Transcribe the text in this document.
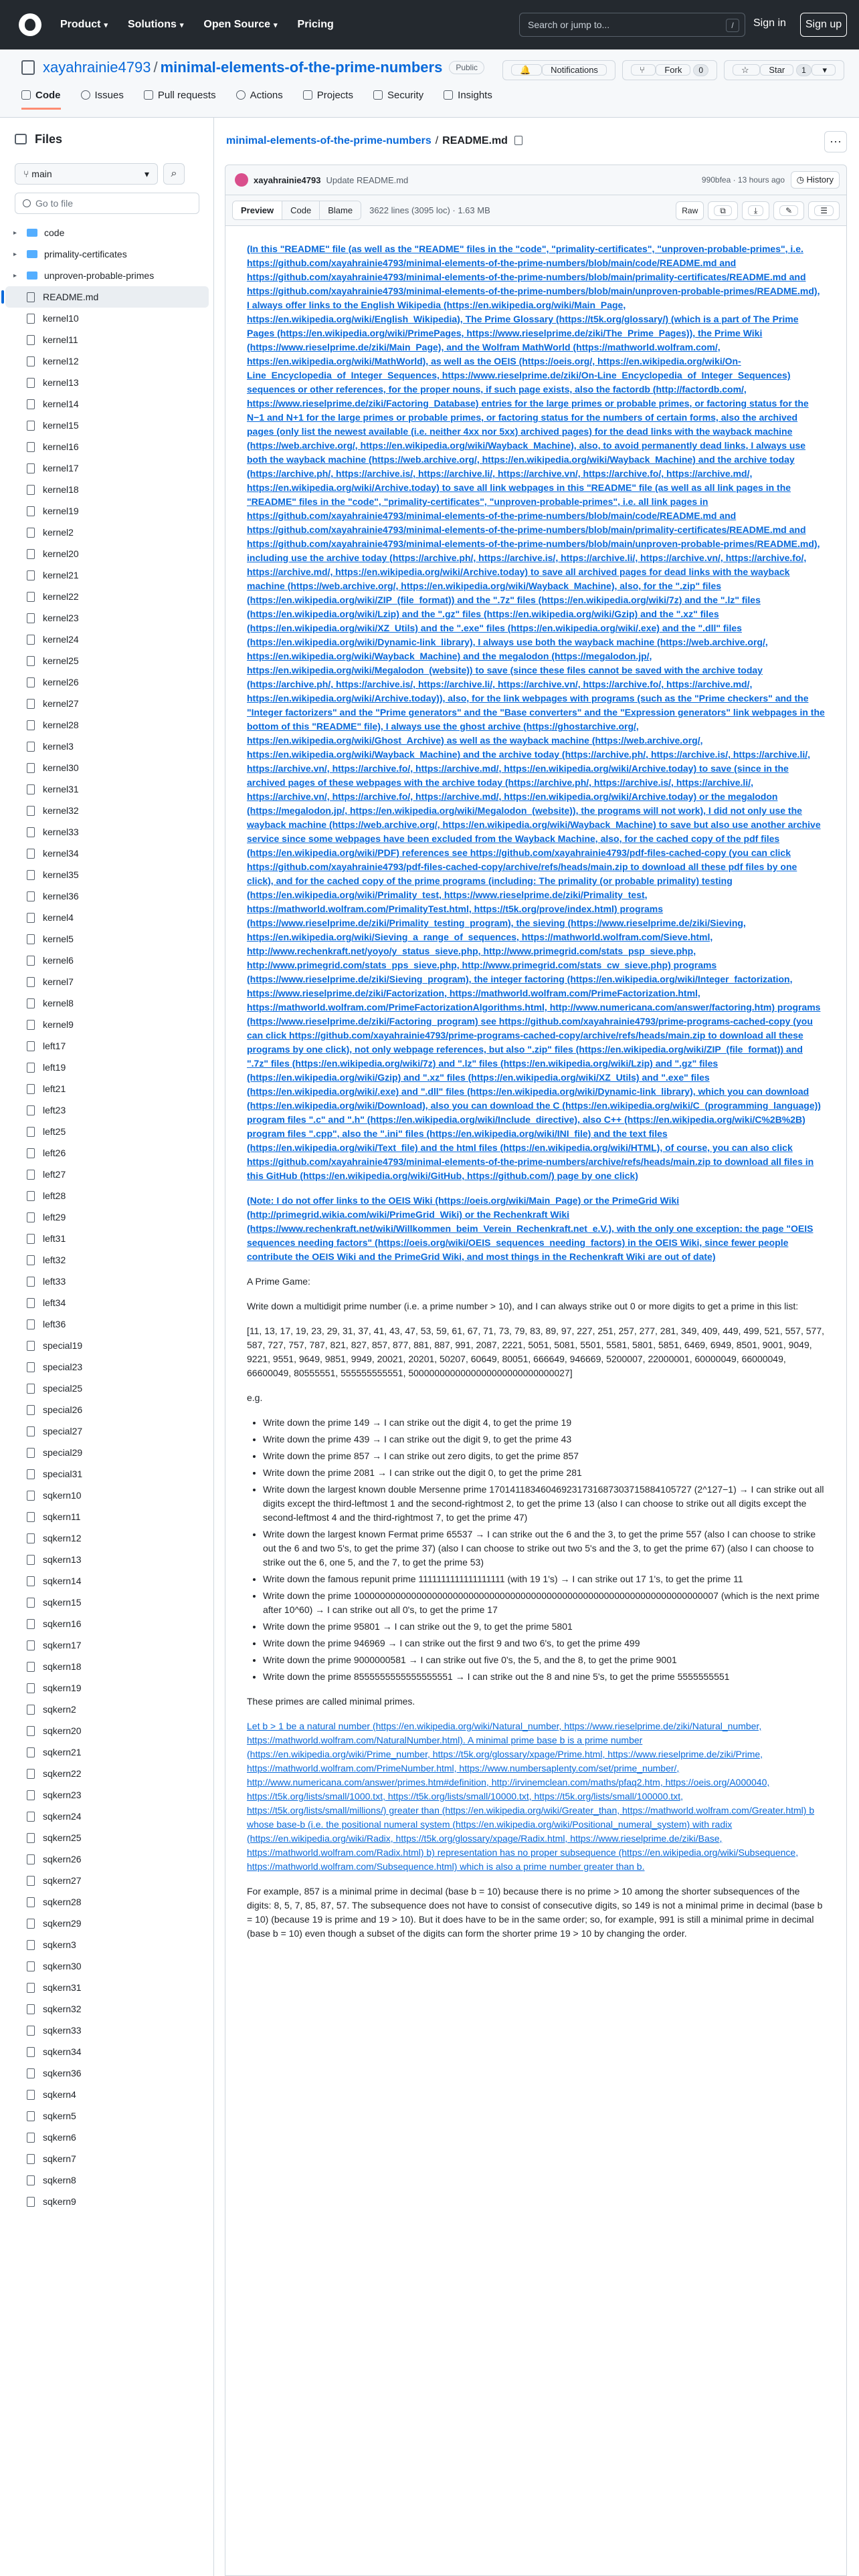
Product ▾ Solutions ▾ Open Source ▾ Pricing	Search or jump to...	/	Sign in	Sign up
xayahrainie4793 / minimal-elements-of-the-prime-numbers	Public	🔔 Notifications	⑂ Fork 0	☆ Star 1 ▾
Code	Issues	Pull requests	Actions	Projects	Security	Insights
Files
⑂ main	▾	⌕
Go to file
▸	code
▸	primality-certificates
▸	unproven-probable-primes
README.md
kernel10
kernel11
kernel12
kernel13
kernel14
kernel15
kernel16
kernel17
kernel18
kernel19
kernel2
kernel20
kernel21
kernel22
kernel23
kernel24
kernel25
kernel26
kernel27
kernel28
kernel3
kernel30
kernel31
kernel32
kernel33
kernel34
kernel35
kernel36
kernel4
kernel5
kernel6
kernel7
kernel8
kernel9
left17
left19
left21
left23
left25
left26
left27
left28
left29
left31
left32
left33
left34
left36
special19
special23
special25
special26
special27
special29
special31
sqkern10
sqkern11
sqkern12
sqkern13
sqkern14
sqkern15
sqkern16
sqkern17
sqkern18
sqkern19
sqkern2
sqkern20
sqkern21
sqkern22
sqkern23
sqkern24
sqkern25
sqkern26
sqkern27
sqkern28
sqkern29
sqkern3
sqkern30
sqkern31
sqkern32
sqkern33
sqkern34
sqkern36
sqkern4
sqkern5
sqkern6
sqkern7
sqkern8
sqkern9
minimal-elements-of-the-prime-numbers / README.md	···
xayahrainie4793 Update README.md	990bfea · 13 hours ago	◷ History
Preview	Code	Blame	3622 lines (3095 loc) · 1.63 MB	Raw	⧉	⤓	✎	☰

(In this "README" file (as well as the "README" files in the "code", "primality-certificates", "unproven-probable-primes", i.e. https://github.com/xayahrainie4793/minimal-elements-of-the-prime-numbers/blob/main/code/README.md and https://github.com/xayahrainie4793/minimal-elements-of-the-prime-numbers/blob/main/primality-certificates/README.md and https://github.com/xayahrainie4793/minimal-elements-of-the-prime-numbers/blob/main/unproven-probable-primes/README.md), I always offer links to the English Wikipedia (https://en.wikipedia.org/wiki/Main_Page, https://en.wikipedia.org/wiki/English_Wikipedia), The Prime Glossary (https://t5k.org/glossary/) (which is a part of The Prime Pages (https://en.wikipedia.org/wiki/PrimePages, https://www.rieselprime.de/ziki/The_Prime_Pages)), the Prime Wiki (https://www.rieselprime.de/ziki/Main_Page), and the Wolfram MathWorld (https://mathworld.wolfram.com/, https://en.wikipedia.org/wiki/MathWorld), as well as the OEIS (https://oeis.org/, https://en.wikipedia.org/wiki/On-Line_Encyclopedia_of_Integer_Sequences, https://www.rieselprime.de/ziki/On-Line_Encyclopedia_of_Integer_Sequences) sequences or other references, for the proper nouns, if such page exists, also the factordb (http://factordb.com/, https://www.rieselprime.de/ziki/Factoring_Database) entries for the large primes or probable primes, or factoring status for the N−1 and N+1 for the large primes or probable primes, or factoring status for the numbers of certain forms, also the archived pages (only list the newest available (i.e. neither 4xx nor 5xx) archived pages) for the dead links with the wayback machine (https://web.archive.org/, https://en.wikipedia.org/wiki/Wayback_Machine), also, to avoid permanently dead links, I always use both the wayback machine (https://web.archive.org/, https://en.wikipedia.org/wiki/Wayback_Machine) and the archive today (https://archive.ph/, https://archive.is/, https://archive.li/, https://archive.vn/, https://archive.fo/, https://archive.md/, https://en.wikipedia.org/wiki/Archive.today) to save all link webpages in this "README" file (as well as all link pages in the "README" files in the "code", "primality-certificates", "unproven-probable-primes", i.e. all link pages in https://github.com/xayahrainie4793/minimal-elements-of-the-prime-numbers/blob/main/code/README.md and https://github.com/xayahrainie4793/minimal-elements-of-the-prime-numbers/blob/main/primality-certificates/README.md and https://github.com/xayahrainie4793/minimal-elements-of-the-prime-numbers/blob/main/unproven-probable-primes/README.md), including use the archive today (https://archive.ph/, https://archive.is/, https://archive.li/, https://archive.vn/, https://archive.fo/, https://archive.md/, https://en.wikipedia.org/wiki/Archive.today) to save all archived pages for dead links with the wayback machine (https://web.archive.org/, https://en.wikipedia.org/wiki/Wayback_Machine), also, for the ".zip" files (https://en.wikipedia.org/wiki/ZIP_(file_format)) and the ".7z" files (https://en.wikipedia.org/wiki/7z) and the ".lz" files (https://en.wikipedia.org/wiki/Lzip) and the ".gz" files (https://en.wikipedia.org/wiki/Gzip) and the ".xz" files (https://en.wikipedia.org/wiki/XZ_Utils) and the ".exe" files (https://en.wikipedia.org/wiki/.exe) and the ".dll" files (https://en.wikipedia.org/wiki/Dynamic-link_library), I always use both the wayback machine (https://web.archive.org/, https://en.wikipedia.org/wiki/Wayback_Machine) and the megalodon (https://megalodon.jp/, https://en.wikipedia.org/wiki/Megalodon_(website)) to save (since these files cannot be saved with the archive today (https://archive.ph/, https://archive.is/, https://archive.li/, https://archive.vn/, https://archive.fo/, https://archive.md/, https://en.wikipedia.org/wiki/Archive.today)), also, for the link webpages with programs (such as the "Prime checkers" and the "Integer factorizers" and the "Prime generators" and the "Base converters" and the "Expression generators" link webpages in the bottom of this "README" file), I always use the ghost archive (https://ghostarchive.org/, https://en.wikipedia.org/wiki/Ghost_Archive) as well as the wayback machine (https://web.archive.org/, https://en.wikipedia.org/wiki/Wayback_Machine) and the archive today (https://archive.ph/, https://archive.is/, https://archive.li/, https://archive.vn/, https://archive.fo/, https://archive.md/, https://en.wikipedia.org/wiki/Archive.today) to save (since in the archived pages of these webpages with the archive today (https://archive.ph/, https://archive.is/, https://archive.li/, https://archive.vn/, https://archive.fo/, https://archive.md/, https://en.wikipedia.org/wiki/Archive.today) or the megalodon (https://megalodon.jp/, https://en.wikipedia.org/wiki/Megalodon_(website)), the programs will not work), I did not only use the wayback machine (https://web.archive.org/, https://en.wikipedia.org/wiki/Wayback_Machine) to save but also use another archive service since some webpages have been excluded from the Wayback Machine, also, for the cached copy of the pdf files (https://en.wikipedia.org/wiki/PDF) references see https://github.com/xayahrainie4793/pdf-files-cached-copy (you can click https://github.com/xayahrainie4793/pdf-files-cached-copy/archive/refs/heads/main.zip to download all these pdf files by one click), and for the cached copy of the prime programs (including: The primality (or probable primality) testing (https://en.wikipedia.org/wiki/Primality_test, https://www.rieselprime.de/ziki/Primality_test, https://mathworld.wolfram.com/PrimalityTest.html, https://t5k.org/prove/index.html) programs (https://www.rieselprime.de/ziki/Primality_testing_program), the sieving (https://www.rieselprime.de/ziki/Sieving, https://en.wikipedia.org/wiki/Sieving_a_range_of_sequences, https://mathworld.wolfram.com/Sieve.html, http://www.rechenkraft.net/yoyo/y_status_sieve.php, http://www.primegrid.com/stats_psp_sieve.php, http://www.primegrid.com/stats_pps_sieve.php, http://www.primegrid.com/stats_cw_sieve.php) programs (https://www.rieselprime.de/ziki/Sieving_program), the integer factoring (https://en.wikipedia.org/wiki/Integer_factorization, https://www.rieselprime.de/ziki/Factorization, https://mathworld.wolfram.com/PrimeFactorization.html, https://mathworld.wolfram.com/PrimeFactorizationAlgorithms.html, http://www.numericana.com/answer/factoring.htm) programs (https://www.rieselprime.de/ziki/Factoring_program) see https://github.com/xayahrainie4793/prime-programs-cached-copy (you can click https://github.com/xayahrainie4793/prime-programs-cached-copy/archive/refs/heads/main.zip to download all these programs by one click), not only webpage references, but also ".zip" files (https://en.wikipedia.org/wiki/ZIP_(file_format)) and ".7z" files (https://en.wikipedia.org/wiki/7z) and ".lz" files (https://en.wikipedia.org/wiki/Lzip) and ".gz" files (https://en.wikipedia.org/wiki/Gzip) and ".xz" files (https://en.wikipedia.org/wiki/XZ_Utils) and ".exe" files (https://en.wikipedia.org/wiki/.exe) and ".dll" files (https://en.wikipedia.org/wiki/Dynamic-link_library), which you can download (https://en.wikipedia.org/wiki/Download), also you can download the C (https://en.wikipedia.org/wiki/C_(programming_language)) program files ".c" and ".h" (https://en.wikipedia.org/wiki/Include_directive), also C++ (https://en.wikipedia.org/wiki/C%2B%2B) program files ".cpp", also the ".ini" files (https://en.wikipedia.org/wiki/INI_file) and the text files (https://en.wikipedia.org/wiki/Text_file) and the html files (https://en.wikipedia.org/wiki/HTML), of course, you can also click https://github.com/xayahrainie4793/minimal-elements-of-the-prime-numbers/archive/refs/heads/main.zip to download all files in this GitHub (https://en.wikipedia.org/wiki/GitHub, https://github.com/) page by one click)

(Note: I do not offer links to the OEIS Wiki (https://oeis.org/wiki/Main_Page) or the PrimeGrid Wiki (http://primegrid.wikia.com/wiki/PrimeGrid_Wiki) or the Rechenkraft Wiki (https://www.rechenkraft.net/wiki/Willkommen_beim_Verein_Rechenkraft.net_e.V.), with the only one exception: the page "OEIS sequences needing factors" (https://oeis.org/wiki/OEIS_sequences_needing_factors) in the OEIS Wiki, since fewer people contribute the OEIS Wiki and the PrimeGrid Wiki, and most things in the Rechenkraft Wiki are out of date)

A Prime Game:

Write down a multidigit prime number (i.e. a prime number > 10), and I can always strike out 0 or more digits to get a prime in this list:

[11, 13, 17, 19, 23, 29, 31, 37, 41, 43, 47, 53, 59, 61, 67, 71, 73, 79, 83, 89, 97, 227, 251, 257, 277, 281, 349, 409, 449, 499, 521, 557, 577, 587, 727, 757, 787, 821, 827, 857, 877, 881, 887, 991, 2087, 2221, 5051, 5081, 5501, 5581, 5801, 5851, 6469, 6949, 8501, 9001, 9049, 9221, 9551, 9649, 9851, 9949, 20021, 20201, 50207, 60649, 80051, 666649, 946669, 5200007, 22000001, 60000049, 66000049, 66600049, 80555551, 555555555551, 5000000000000000000000000000027]

e.g.

• Write down the prime 149 → I can strike out the digit 4, to get the prime 19
• Write down the prime 439 → I can strike out the digit 9, to get the prime 43
• Write down the prime 857 → I can strike out zero digits, to get the prime 857
• Write down the prime 2081 → I can strike out the digit 0, to get the prime 281
• Write down the largest known double Mersenne prime 170141183460469231731687303715884105727 (2^127−1) → I can strike out all digits except the third-leftmost 1 and the second-rightmost 2, to get the prime 13 (also I can choose to strike out all digits except the second-leftmost 4 and the third-rightmost 7, to get the prime 47)
• Write down the largest known Fermat prime 65537 → I can strike out the 6 and the 3, to get the prime 557 (also I can choose to strike out the 6 and two 5's, to get the prime 37) (also I can choose to strike out two 5's and the 3, to get the prime 67) (also I can choose to strike out the 6, one 5, and the 7, to get the prime 53)
• Write down the famous repunit prime 1111111111111111111 (with 19 1's) → I can strike out 17 1's, to get the prime 11
• Write down the prime 1000000000000000000000000000000000000000000000000000000000000000000007 (which is the next prime after 10^60) → I can strike out all 0's, to get the prime 17
• Write down the prime 95801 → I can strike out the 9, to get the prime 5801
• Write down the prime 946969 → I can strike out the first 9 and two 6's, to get the prime 499
• Write down the prime 9000000581 → I can strike out five 0's, the 5, and the 8, to get the prime 9001
• Write down the prime 8555555555555555551 → I can strike out the 8 and nine 5's, to get the prime 5555555551

These primes are called minimal primes.

Let b > 1 be a natural number (https://en.wikipedia.org/wiki/Natural_number, https://www.rieselprime.de/ziki/Natural_number, https://mathworld.wolfram.com/NaturalNumber.html). A minimal prime base b is a prime number (https://en.wikipedia.org/wiki/Prime_number, https://t5k.org/glossary/xpage/Prime.html, https://www.rieselprime.de/ziki/Prime, https://mathworld.wolfram.com/PrimeNumber.html, https://www.numbersaplenty.com/set/prime_number/, http://www.numericana.com/answer/primes.htm#definition, http://irvinemclean.com/maths/pfaq2.htm, https://oeis.org/A000040, https://t5k.org/lists/small/1000.txt, https://t5k.org/lists/small/10000.txt, https://t5k.org/lists/small/100000.txt, https://t5k.org/lists/small/millions/) greater than (https://en.wikipedia.org/wiki/Greater_than, https://mathworld.wolfram.com/Greater.html) b whose base-b (i.e. the positional numeral system (https://en.wikipedia.org/wiki/Positional_numeral_system) with radix (https://en.wikipedia.org/wiki/Radix, https://t5k.org/glossary/xpage/Radix.html, https://www.rieselprime.de/ziki/Base, https://mathworld.wolfram.com/Radix.html) b) representation has no proper subsequence (https://en.wikipedia.org/wiki/Subsequence, https://mathworld.wolfram.com/Subsequence.html) which is also a prime number greater than b.

For example, 857 is a minimal prime in decimal (base b = 10) because there is no prime > 10 among the shorter subsequences of the digits: 8, 5, 7, 85, 87, 57. The subsequence does not have to consist of consecutive digits, so 149 is not a minimal prime in decimal (base b = 10) (because 19 is prime and 19 > 10). But it does have to be in the same order; so, for example, 991 is still a minimal prime in decimal (base b = 10) even though a subset of the digits can form the shorter prime 19 > 10 by changing the order.
